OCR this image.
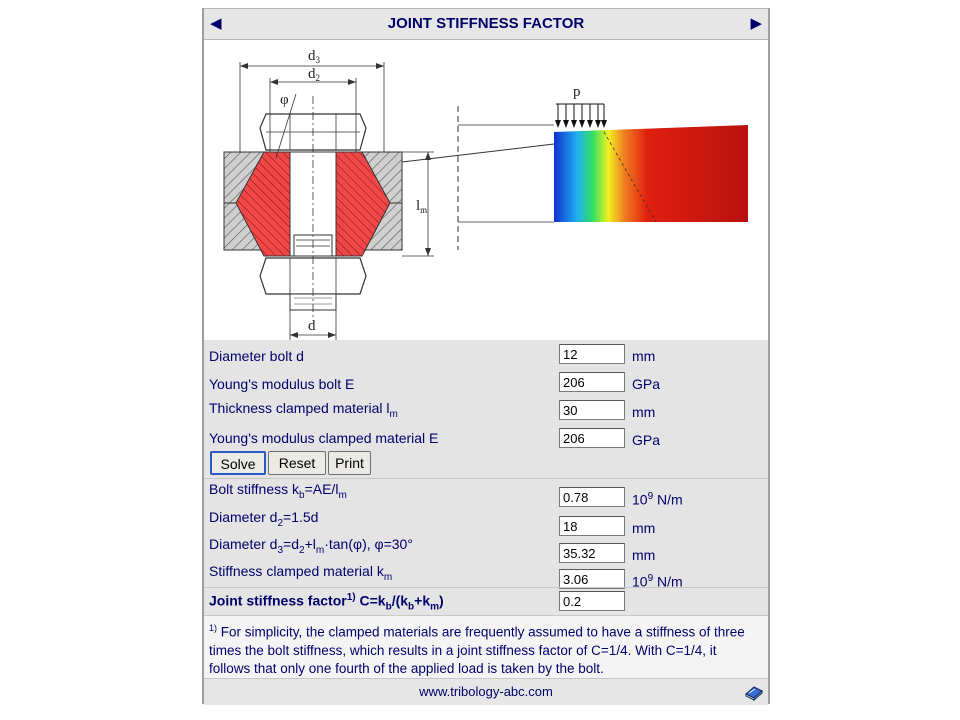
◀	JOINT STIFFNESS FACTOR	▶
$d_3$
$d_2$
φ
$l_m$
d
p
Diameter bolt d
12	mm
Young's modulus bolt E
206	GPa
Thickness clamped material $l_m$
30	mm
Young's modulus clamped material E
206	GPa
Solve	Reset	Print
Bolt stiffness $k_b=AE/l_m$
0.78	$10^9$ N/m
Diameter $d_2=1.5d$
18
mm
Diameter $d_3=d_2+l_m\cdot\tan(\varphi)$, φ=30°
35.32
mm
Stiffness clamped material $k_m$
3.06	$10^9$ N/m
Joint stiffness factor$^{1)}$ $C=k_b/(k_b+k_m)$
0.2
$^{1)}$ For simplicity, the clamped materials are frequently assumed to have a stiffness of three times the bolt stiffness, which results in a joint stiffness factor of C=1/4. With C=1/4, it follows that only one fourth of the applied load is taken by the bolt.
www.tribology-abc.com
